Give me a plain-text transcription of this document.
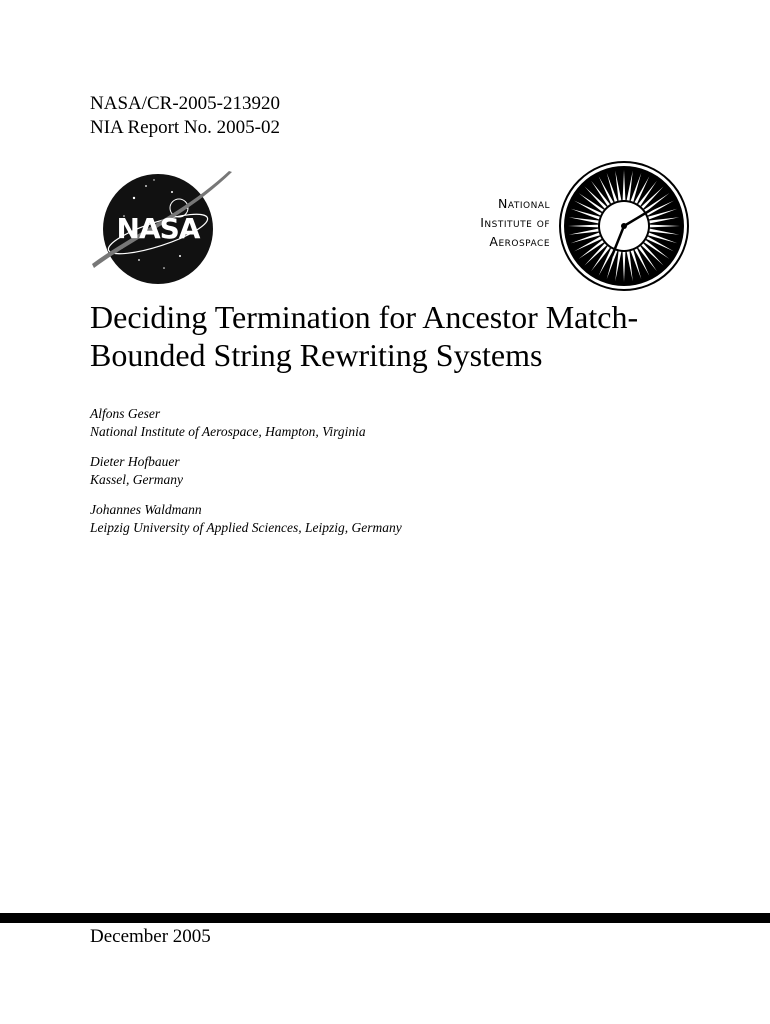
NASA/CR-2005-213920
NIA Report No. 2005-02
NASA
National
Institute of
Aerospace
Deciding Termination for Ancestor Match-
Bounded String Rewriting Systems
Alfons Geser
National Institute of Aerospace, Hampton, Virginia
Dieter Hofbauer
Kassel, Germany
Johannes Waldmann
Leipzig University of Applied Sciences, Leipzig, Germany
December 2005
